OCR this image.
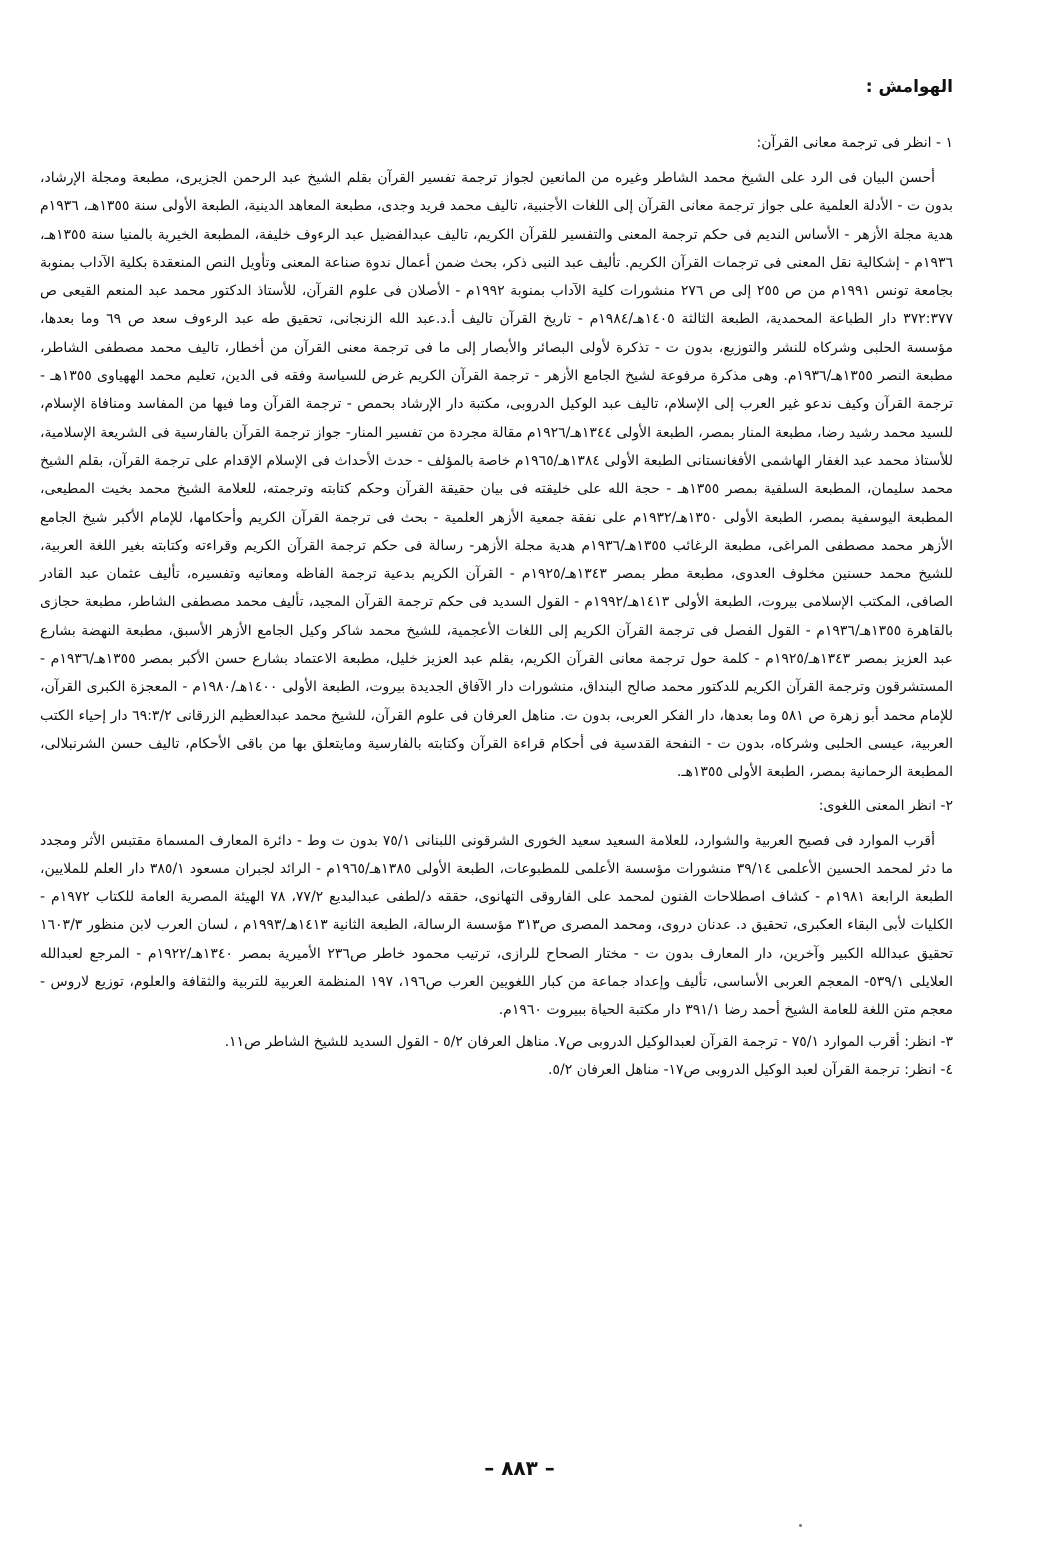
الهوامش :
١ - انظر فى ترجمة معانى القرآن:

أحسن البيان فى الرد على الشيخ محمد الشاطر وغيره من المانعين لجواز ترجمة تفسير القرآن بقلم الشيخ عبد الرحمن الجزيرى، مطبعة ومجلة الإرشاد، بدون ت - الأدلة العلمية على جواز ترجمة معانى القرآن إلى اللغات الأجنبية، تاليف محمد فريد وجدى، مطبعة المعاهد الدينية، الطبعة الأولى سنة ١٣٥٥هـ، ١٩٣٦م هدية مجلة الأزهر - الأساس النديم فى حكم ترجمة المعنى والتفسير للقرآن الكريم، تاليف عبدالفضيل عبد الرءوف خليفة، المطبعة الخيرية بالمنيا سنة ١٣٥٥هـ، ١٩٣٦م - إشكالية نقل المعنى فى ترجمات القرآن الكريم. تأليف عبد النبى ذكر، بحث ضمن أعمال ندوة صناعة المعنى وتأويل النص المنعقدة بكلية الآداب بمنوبة بجامعة تونس ١٩٩١م من ص ٢٥٥ إلى ص ٢٧٦ منشورات كلية الآداب بمنوبة ١٩٩٢م - الأصلان فى علوم القرآن، للأستاذ الدكتور محمد عبد المنعم القيعى ص ٣٧٢:٣٧٧ دار الطباعة المحمدية، الطبعة الثالثة ١٤٠٥هـ/١٩٨٤م - تاريخ القرآن تاليف أ.د.عبد الله الزنجانى، تحقيق طه عبد الرءوف سعد ص ٦٩ وما بعدها، مؤسسة الحلبى وشركاه للنشر والتوزيع، بدون ت - تذكرة لأولى البصائر والأبصار إلى ما فى ترجمة معنى القرآن من أخطار، تاليف محمد مصطفى الشاطر، مطبعة النصر ١٣٥٥هـ/١٩٣٦م. وهى مذكرة مرفوعة لشيخ الجامع الأزهر - ترجمة القرآن الكريم غرض للسياسة وفقه فى الدين، تعليم محمد الههياوى ١٣٥٥هـ - ترجمة القرآن وكيف ندعو غير العرب إلى الإسلام، تاليف عبد الوكيل الدروبى، مكتبة دار الإرشاد بحمص - ترجمة القرآن وما فيها من المفاسد ومنافاة الإسلام، للسيد محمد رشيد رضا، مطبعة المنار بمصر، الطبعة الأولى ١٣٤٤هـ/١٩٢٦م مقالة مجردة من تفسير المنار- جواز ترجمة القرآن بالفارسية فى الشريعة الإسلامية، للأستاذ محمد عبد الغفار الهاشمى الأفغانستانى الطبعة الأولى ١٣٨٤هـ/١٩٦٥م خاصة بالمؤلف - حدث الأحداث فى الإسلام الإقدام على ترجمة القرآن، بقلم الشيخ محمد سليمان، المطبعة السلفية بمصر ١٣٥٥هـ - حجة الله على خليقته فى بيان حقيقة القرآن وحكم كتابته وترجمته، للعلامة الشيخ محمد بخيت المطيعى، المطبعة اليوسفية بمصر، الطبعة الأولى ١٣٥٠هـ/١٩٣٢م على نفقة جمعية الأزهر العلمية - بحث فى ترجمة القرآن الكريم وأحكامها، للإمام الأكبر شيخ الجامع الأزهر محمد مصطفى المراغى، مطبعة الرغائب ١٣٥٥هـ/١٩٣٦م هدية مجلة الأزهر- رسالة فى حكم ترجمة القرآن الكريم وقراءته وكتابته بغير اللغة العربية، للشيخ محمد حسنين مخلوف العدوى، مطبعة مطر بمصر ١٣٤٣هـ/١٩٢٥م - القرآن الكريم بدعية ترجمة الفاظه ومعانيه وتفسيره، تأليف عثمان عبد القادر الصافى، المكتب الإسلامى بيروت، الطبعة الأولى ١٤١٣هـ/١٩٩٢م - القول السديد فى حكم ترجمة القرآن المجيد، تأليف محمد مصطفى الشاطر، مطبعة حجازى بالقاهرة ١٣٥٥هـ/١٩٣٦م - القول الفصل فى ترجمة القرآن الكريم إلى اللغات الأعجمية، للشيخ محمد شاكر وكيل الجامع الأزهر الأسبق، مطبعة النهضة بشارع عبد العزيز بمصر ١٣٤٣هـ/١٩٢٥م - كلمة حول ترجمة معانى القرآن الكريم، بقلم عبد العزيز خليل، مطبعة الاعتماد بشارع حسن الأكبر بمصر ١٣٥٥هـ/١٩٣٦م - المستشرقون وترجمة القرآن الكريم للدكتور محمد صالح البنداق، منشورات دار الآفاق الجديدة بيروت، الطبعة الأولى ١٤٠٠هـ/١٩٨٠م - المعجزة الكبرى القرآن، للإمام محمد أبو زهرة ص ٥٨١ وما بعدها، دار الفكر العربى، بدون ت. مناهل العرفان فى علوم القرآن، للشيخ محمد عبدالعظيم الزرقانى ٦٩:٣/٢ دار إحياء الكتب العربية، عيسى الحلبى وشركاه، بدون ت - النفحة القدسية فى أحكام قراءة القرآن وكتابته بالفارسية ومايتعلق بها من باقى الأحكام، تاليف حسن الشرنبلالى، المطبعة الرحمانية بمصر، الطبعة الأولى ١٣٥٥هـ.

٢- انظر المعنى اللغوى:

أقرب الموارد فى فصيح العربية والشوارد، للعلامة السعيد سعيد الخورى الشرقونى اللبنانى ٧٥/١ بدون ت وط - دائرة المعارف المسماة مقتبس الأثر ومجدد ما دثر لمحمد الحسين الأعلمى ٣٩/١٤ منشورات مؤسسة الأعلمى للمطبوعات، الطبعة الأولى ١٣٨٥هـ/١٩٦٥م - الرائد لجبران مسعود ٣٨٥/١ دار العلم للملايين، الطبعة الرابعة ١٩٨١م - كشاف اصطلاحات الفنون لمحمد على الفاروقى التهانوى، حققه د/لطفى عبدالبديع ٧٧/٢، ٧٨ الهيئة المصرية العامة للكتاب ١٩٧٢م - الكليات لأبى البقاء العكبرى، تحقيق د. عدنان دروى، ومحمد المصرى ص٣١٣ مؤسسة الرسالة، الطبعة الثانية ١٤١٣هـ/١٩٩٣م ، لسان العرب لابن منظور ١٦٠٣/٣ تحقيق عبدالله الكبير وآخرين، دار المعارف بدون ت - مختار الصحاح للرازى، ترتيب محمود خاطر ص٢٣٦ الأميرية بمصر ١٣٤٠هـ/١٩٢٢م - المرجع لعبدالله العلايلى ٥٣٩/١- المعجم العربى الأساسى، تأليف وإعداد جماعة من كبار اللغويين العرب ص١٩٦، ١٩٧ المنظمة العربية للتربية والثقافة والعلوم، توزيع لاروس - معجم متن اللغة للعامة الشيخ أحمد رضا ٣٩١/١ دار مكتبة الحياة ببيروت ١٩٦٠م.

٣- انظر: أقرب الموارد ٧٥/١ - ترجمة القرآن لعبدالوكيل الدروبى ص٧. مناهل العرفان ٥/٢ - القول السديد للشيخ الشاطر ص١١.
٤- انظر: ترجمة القرآن لعبد الوكيل الدروبى ص١٧- مناهل العرفان ٥/٢.
– ٨٨٣ –
